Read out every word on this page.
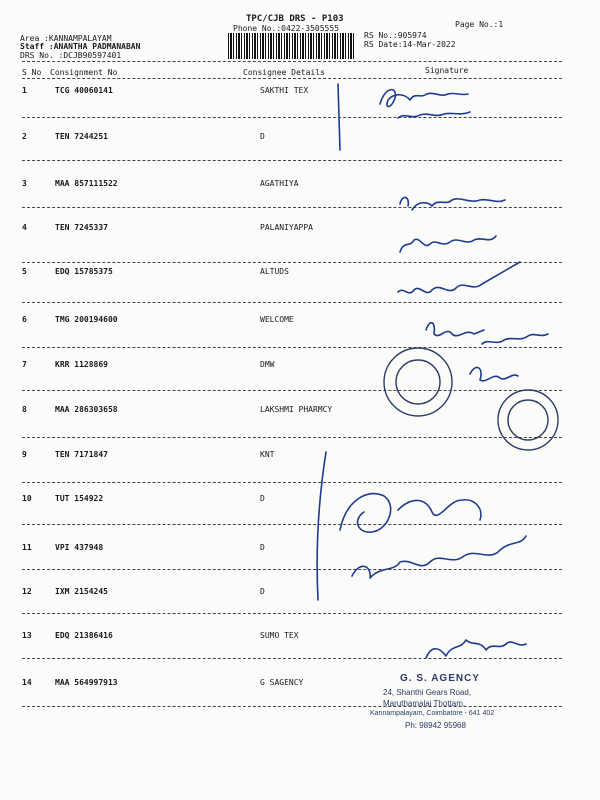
TPC/CJB DRS - P103
Phone No.:0422-3505555	Page No.:1
Area :KANNAMPALAYAM
Staff :ANANTHA PADMANABAN
DRS No. :DCJB90597401
RS No.:905974
RS Date:14-Mar-2022
S No Consignment No	Consignee Details	Signature
1	TCG 40060141	SAKTHI TEX
2	TEN 7244251	D
3	MAA 857111522	AGATHIYA
4	TEN 7245337	PALANIYAPPA
5	EDQ 15785375	ALTUDS
6	TMG 200194600	WELCOME
7	KRR 1128869	DMW
8	MAA 286303658	LAKSHMI PHARMCY
9	TEN 7171847	KNT
10	TUT 154922	D
11	VPI 437948	D
12	IXM 2154245	D
13	EDQ 21386416	SUMO TEX
14	MAA 564997913	G SAGENCY	G. S. AGENCY
24, Shanthi Gears Road,
Maruthamalai Thottam,
Kannampalayam, Coimbatore - 641 402
Ph: 98942 95968
